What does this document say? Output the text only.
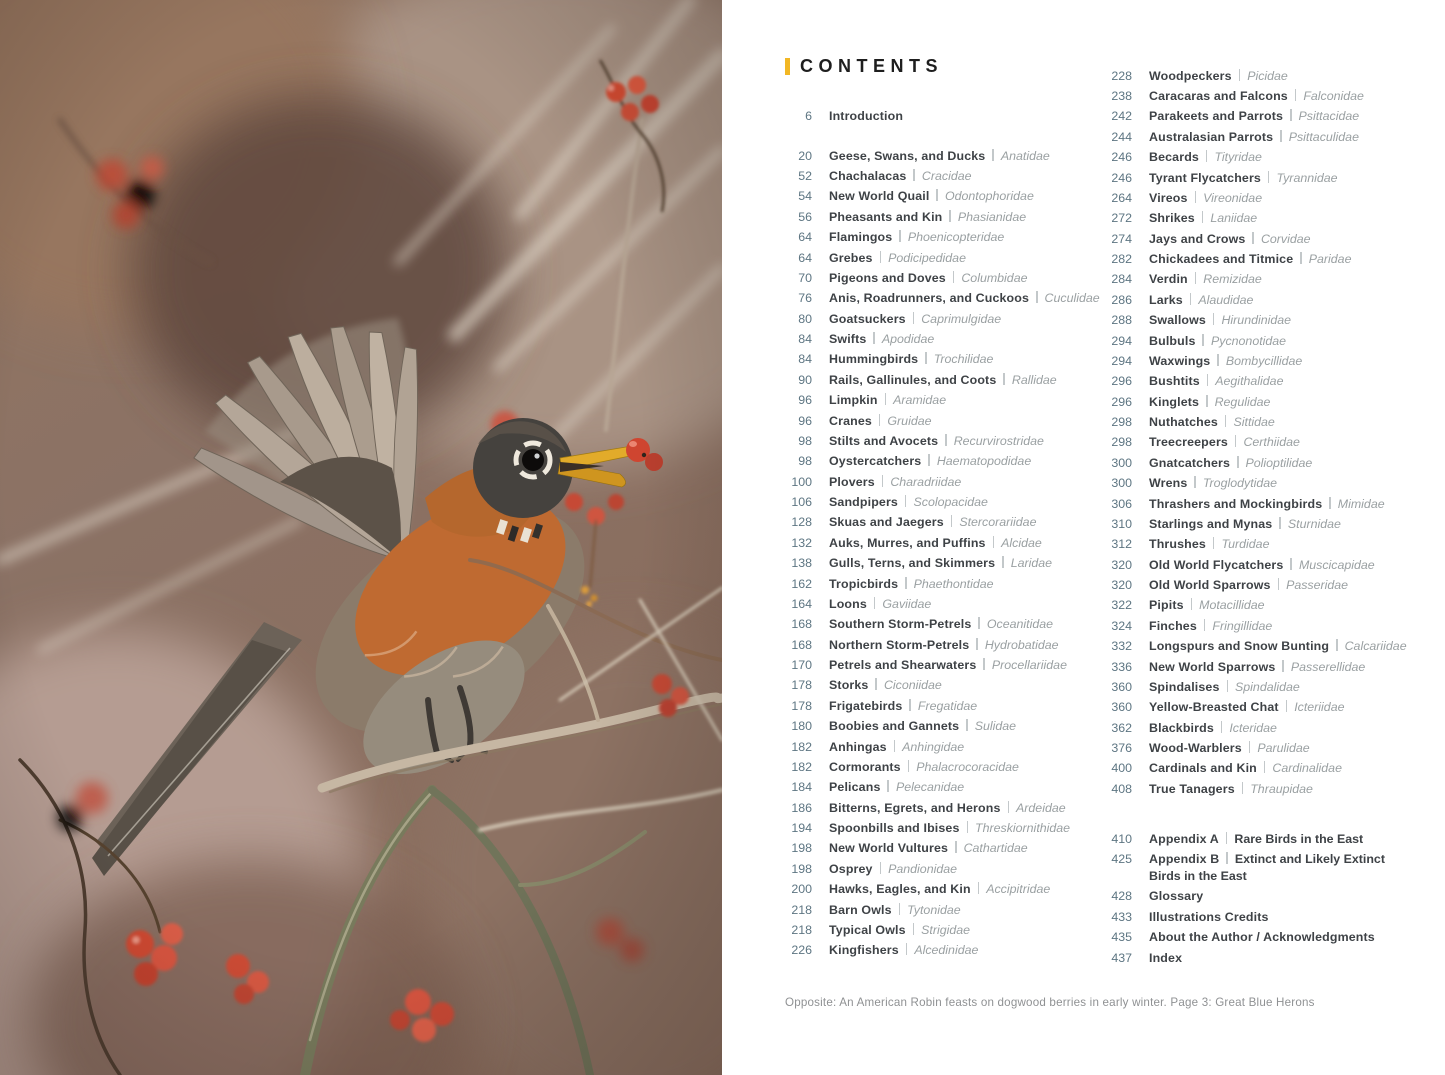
CONTENTS
6 Introduction
20 Geese, Swans, and Ducks Anatidae
52 Chachalacas Cracidae
54 New World Quail Odontophoridae
56 Pheasants and Kin Phasianidae
64 Flamingos Phoenicopteridae
64 Grebes Podicipedidae
70 Pigeons and Doves Columbidae
76 Anis, Roadrunners, and Cuckoos Cuculidae
80 Goatsuckers Caprimulgidae
84 Swifts Apodidae
84 Hummingbirds Trochilidae
90 Rails, Gallinules, and Coots Rallidae
96 Limpkin Aramidae
96 Cranes Gruidae
98 Stilts and Avocets Recurvirostridae
98 Oystercatchers Haematopodidae
100 Plovers Charadriidae
106 Sandpipers Scolopacidae
128 Skuas and Jaegers Stercorariidae
132 Auks, Murres, and Puffins Alcidae
138 Gulls, Terns, and Skimmers Laridae
162 Tropicbirds Phaethontidae
164 Loons Gaviidae
168 Southern Storm-Petrels Oceanitidae
168 Northern Storm-Petrels Hydrobatidae
170 Petrels and Shearwaters Procellariidae
178 Storks Ciconiidae
178 Frigatebirds Fregatidae
180 Boobies and Gannets Sulidae
182 Anhingas Anhingidae
182 Cormorants Phalacrocoracidae
184 Pelicans Pelecanidae
186 Bitterns, Egrets, and Herons Ardeidae
194 Spoonbills and Ibises Threskiornithidae
198 New World Vultures Cathartidae
198 Osprey Pandionidae
200 Hawks, Eagles, and Kin Accipitridae
218 Barn Owls Tytonidae
218 Typical Owls Strigidae
226 Kingfishers Alcedinidae
228 Woodpeckers Picidae
238 Caracaras and Falcons Falconidae
242 Parakeets and Parrots Psittacidae
244 Australasian Parrots Psittaculidae
246 Becards Tityridae
246 Tyrant Flycatchers Tyrannidae
264 Vireos Vireonidae
272 Shrikes Laniidae
274 Jays and Crows Corvidae
282 Chickadees and Titmice Paridae
284 Verdin Remizidae
286 Larks Alaudidae
288 Swallows Hirundinidae
294 Bulbuls Pycnonotidae
294 Waxwings Bombycillidae
296 Bushtits Aegithalidae
296 Kinglets Regulidae
298 Nuthatches Sittidae
298 Treecreepers Certhiidae
300 Gnatcatchers Polioptilidae
300 Wrens Troglodytidae
306 Thrashers and Mockingbirds Mimidae
310 Starlings and Mynas Sturnidae
312 Thrushes Turdidae
320 Old World Flycatchers Muscicapidae
320 Old World Sparrows Passeridae
322 Pipits Motacillidae
324 Finches Fringillidae
332 Longspurs and Snow Bunting Calcariidae
336 New World Sparrows Passerellidae
360 Spindalises Spindalidae
360 Yellow-Breasted Chat Icteriidae
362 Blackbirds Icteridae
376 Wood-Warblers Parulidae
400 Cardinals and Kin Cardinalidae
408 True Tanagers Thraupidae
410 Appendix A Rare Birds in the East
425 Appendix B Extinct and Likely Extinct Birds in the East
428 Glossary
433 Illustrations Credits
435 About the Author / Acknowledgments
437 Index

Opposite: An American Robin feasts on dogwood berries in early winter. Page 3: Great Blue Herons
